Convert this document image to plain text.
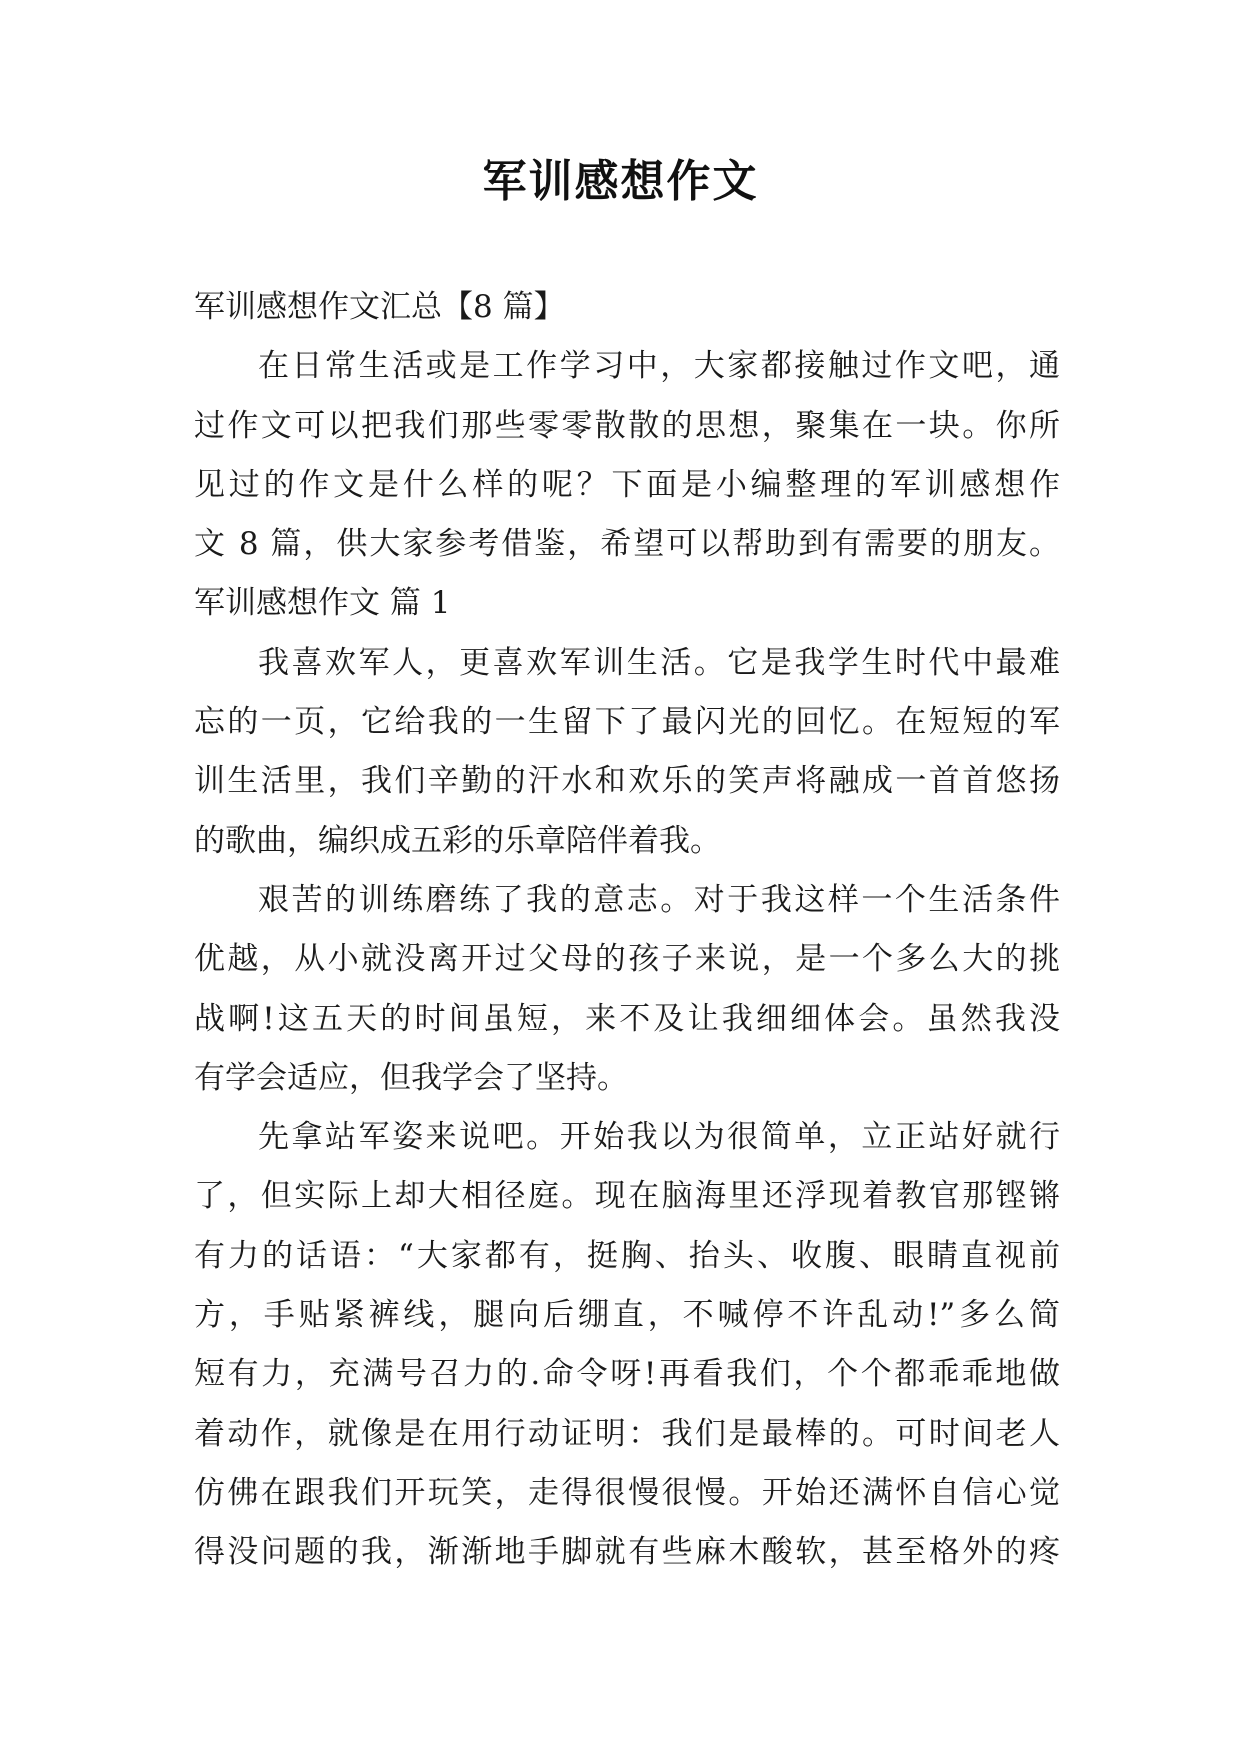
军训感想作文
军训感想作文汇总【8 篇】
在日常生活或是工作学习中，大家都接触过作文吧，通
过作文可以把我们那些零零散散的思想，聚集在一块。你所
见过的作文是什么样的呢？下面是小编整理的军训感想作
文 8 篇，供大家参考借鉴，希望可以帮助到有需要的朋友。
军训感想作文 篇 1
我喜欢军人，更喜欢军训生活。它是我学生时代中最难
忘的一页，它给我的一生留下了最闪光的回忆。在短短的军
训生活里，我们辛勤的汗水和欢乐的笑声将融成一首首悠扬
的歌曲，编织成五彩的乐章陪伴着我。
艰苦的训练磨练了我的意志。对于我这样一个生活条件
优越，从小就没离开过父母的孩子来说，是一个多么大的挑
战啊!这五天的时间虽短，来不及让我细细体会。虽然我没
有学会适应，但我学会了坚持。
先拿站军姿来说吧。开始我以为很简单，立正站好就行
了，但实际上却大相径庭。现在脑海里还浮现着教官那铿锵
有力的话语：“大家都有，挺胸、抬头、收腹、眼睛直视前
方，手贴紧裤线，腿向后绷直，不喊停不许乱动!”多么简
短有力，充满号召力的.命令呀!再看我们，个个都乖乖地做
着动作，就像是在用行动证明：我们是最棒的。可时间老人
仿佛在跟我们开玩笑，走得很慢很慢。开始还满怀自信心觉
得没问题的我，渐渐地手脚就有些麻木酸软，甚至格外的疼
